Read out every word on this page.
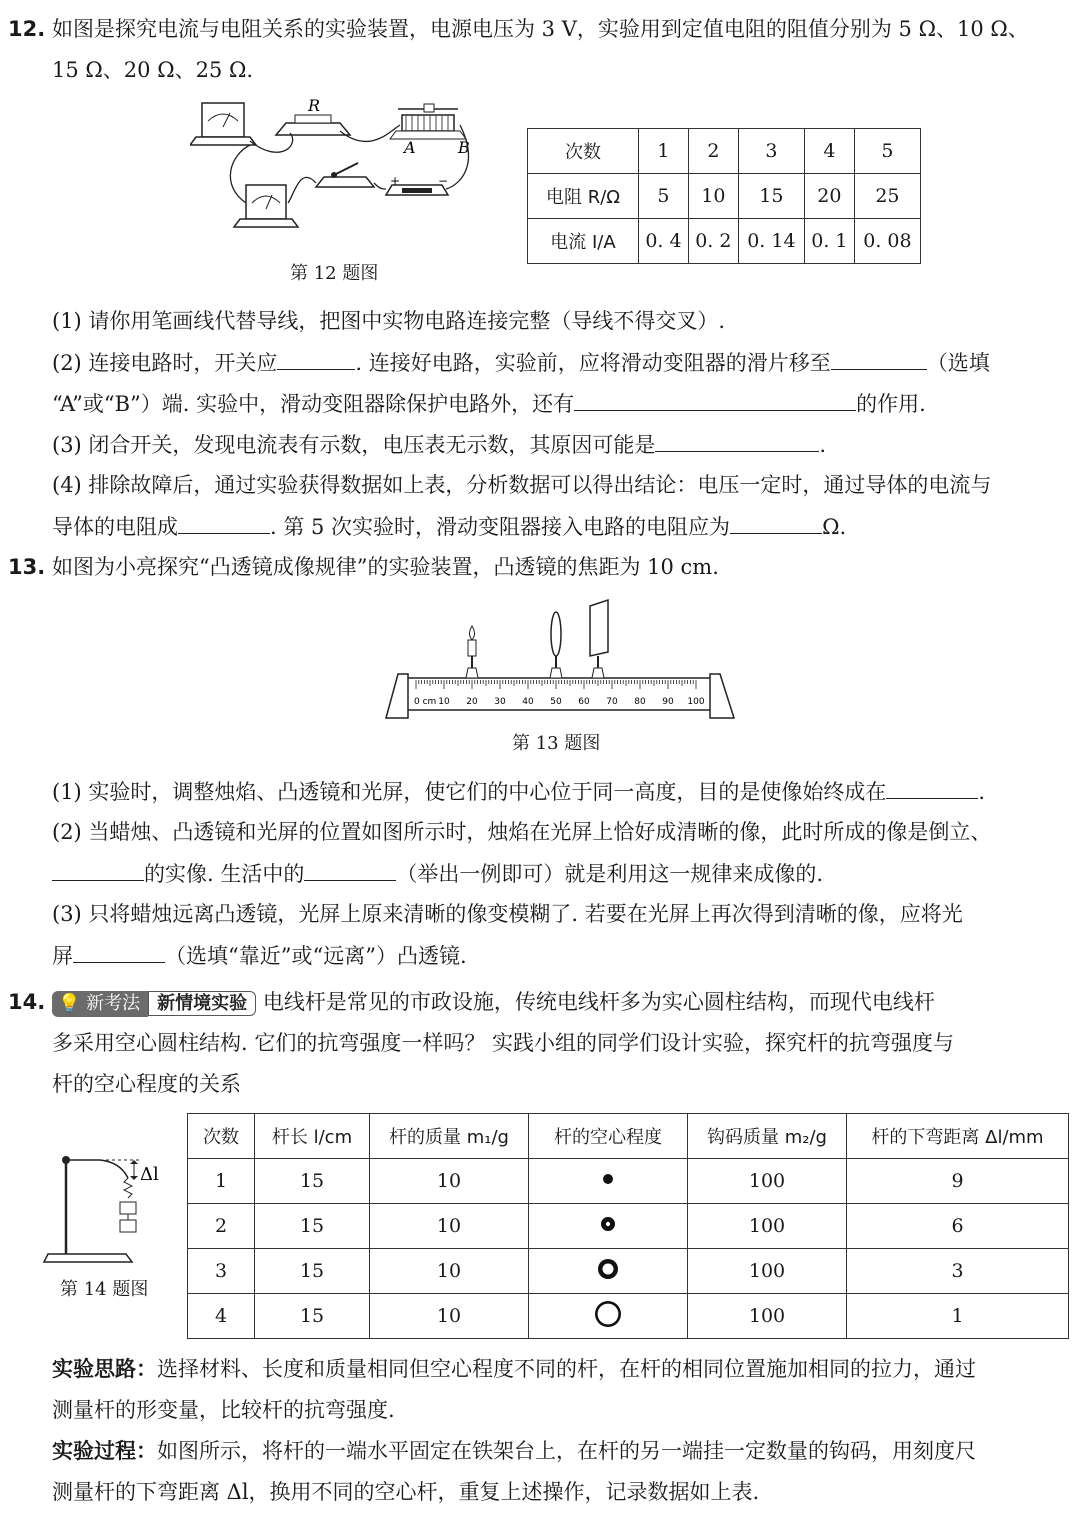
12. 如图是探究电流与电阻关系的实验装置，电源电压为 3 V，实验用到定值电阻的阻值分别为 5 Ω、10 Ω、
15 Ω、20 Ω、25 Ω.
R
A	B
+	−
第 12 题图
次数	1	2	3	4	5
电阻 R/Ω	5	10	15	20	25
电流 I/A	0. 4	0. 2	0. 14	0. 1	0. 08
(1) 请你用笔画线代替导线，把图中实物电路连接完整（导线不得交叉）.
(2) 连接电路时，开关应	. 连接好电路，实验前，应将滑动变阻器的滑片移至	（选填
“A”或“B”）端. 实验中，滑动变阻器除保护电路外，还有	的作用.
(3) 闭合开关，发现电流表有示数，电压表无示数，其原因可能是	.
(4) 排除故障后，通过实验获得数据如上表，分析数据可以得出结论：电压一定时，通过导体的电流与
导体的电阻成	. 第 5 次实验时，滑动变阻器接入电路的电阻应为	Ω.
13. 如图为小亮探究“凸透镜成像规律”的实验装置，凸透镜的焦距为 10 cm.
0 cm 10 20 30 40 50 60 70 80 90 100
第 13 题图
(1) 实验时，调整烛焰、凸透镜和光屏，使它们的中心位于同一高度，目的是使像始终成在	.
(2) 当蜡烛、凸透镜和光屏的位置如图所示时，烛焰在光屏上恰好成清晰的像，此时所成的像是倒立、
的实像. 生活中的	（举出一例即可）就是利用这一规律来成像的.
(3) 只将蜡烛远离凸透镜，光屏上原来清晰的像变模糊了. 若要在光屏上再次得到清晰的像，应将光
屏	（选填“靠近”或“远离”）凸透镜.
14. 💡 新考法 新情境实验 电线杆是常见的市政设施，传统电线杆多为实心圆柱结构，而现代电线杆
多采用空心圆柱结构. 它们的抗弯强度一样吗？ 实践小组的同学们设计实验，探究杆的抗弯强度与
杆的空心程度的关系
Δl
第 14 题图
次数	杆长 l/cm	杆的质量 m₁/g	杆的空心程度	钩码质量 m₂/g	杆的下弯距离 Δl/mm
1	15	10		100	9
2	15	10		100	6
3	15	10		100	3
4	15	10		100	1
实验思路：选择材料、长度和质量相同但空心程度不同的杆，在杆的相同位置施加相同的拉力，通过
测量杆的形变量，比较杆的抗弯强度.
实验过程：如图所示，将杆的一端水平固定在铁架台上，在杆的另一端挂一定数量的钩码，用刻度尺
测量杆的下弯距离 Δl，换用不同的空心杆，重复上述操作，记录数据如上表.
